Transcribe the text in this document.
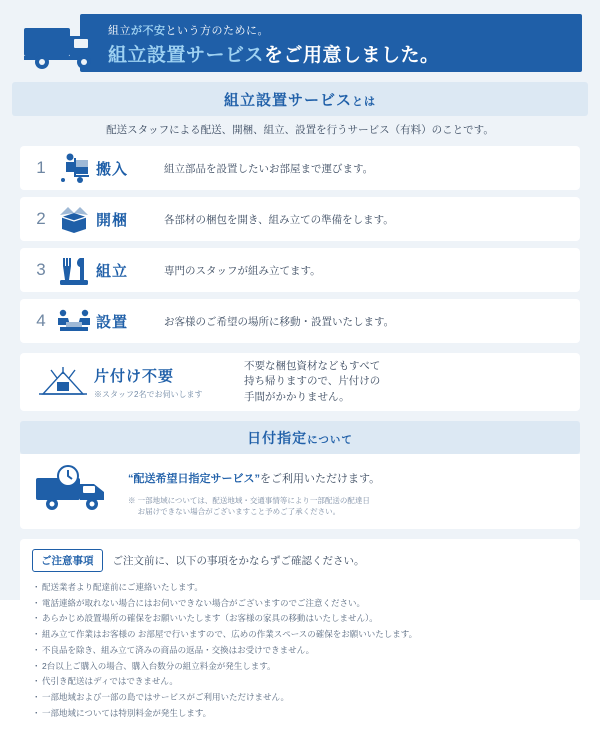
組立が不安という方のために。
組立設置サービスをご用意しました。
組立設置サービスとは
配送スタッフによる配送、開梱、組立、設置を行うサービス（有料）のことです。
1	搬入	組立部品を設置したいお部屋まで運びます。
2	開梱	各部材の梱包を開き、組み立ての準備をします。
3	組立	専門のスタッフが組み立てます。
4	設置	お客様のご希望の場所に移動・設置いたします。
片付け不要
※スタッフ2名でお伺いします
不要な梱包資材などもすべて
持ち帰りますので、片付けの
手間がかかりません。
日付指定について
“配送希望日指定サービス”をご利用いただけます。
※ 一部地域については、配送地域・交通事情等により一部配送の配達日
　 お届けできない場合がございますこと予めご了承ください。
ご注意事項	ご注文前に、以下の事項をかならずご確認ください。
・ 配送業者より配達前にご連絡いたします。
・ 電話連絡が取れない場合にはお伺いできない場合がございますのでご注意ください。
・ あらかじめ設置場所の確保をお願いいたします（お客様の家具の移動はいたしません）。
・ 組み立て作業はお客様の お部屋で行いますので、広めの作業スペースの確保をお願いいたします。
・ 不良品を除き、組み立て済みの商品の返品・交換はお受けできません。
・ 2台以上ご購入の場合、購入台数分の組立料金が発生します。
・ 代引き配送はディではできません。
・ 一部地域および一部の島ではサービスがご利用いただけません。
・ 一部地域については特別料金が発生します。
